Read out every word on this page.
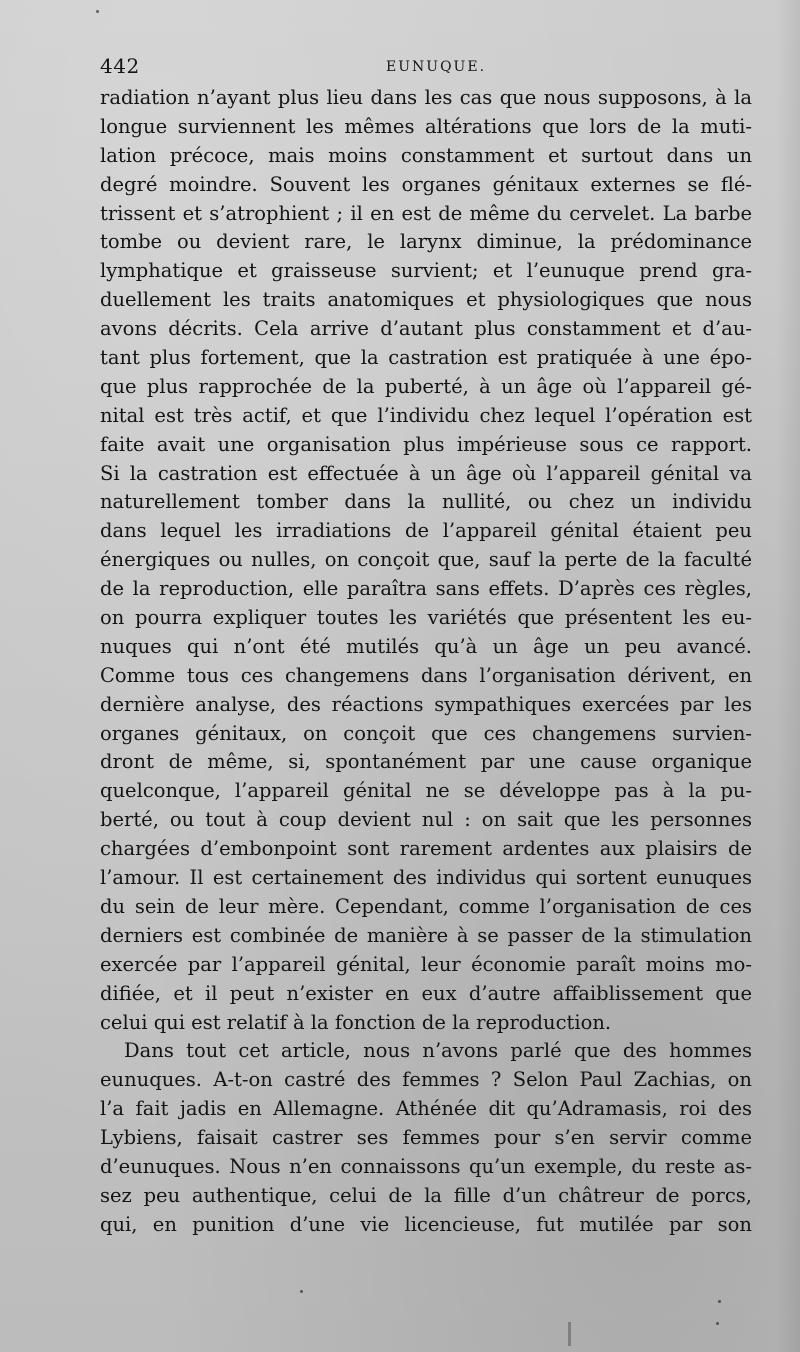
442	EUNUQUE.
radiation n’ayant plus lieu dans les cas que nous supposons, à la
longue surviennent les mêmes altérations que lors de la muti-
lation précoce, mais moins constamment et surtout dans un
degré moindre. Souvent les organes génitaux externes se flé-
trissent et s’atrophient ; il en est de même du cervelet. La barbe
tombe ou devient rare, le larynx diminue, la prédominance
lymphatique et graisseuse survient; et l’eunuque prend gra-
duellement les traits anatomiques et physiologiques que nous
avons décrits. Cela arrive d’autant plus constamment et d’au-
tant plus fortement, que la castration est pratiquée à une épo-
que plus rapprochée de la puberté, à un âge où l’appareil gé-
nital est très actif, et que l’individu chez lequel l’opération est
faite avait une organisation plus impérieuse sous ce rapport.
Si la castration est effectuée à un âge où l’appareil génital va
naturellement tomber dans la nullité, ou chez un individu
dans lequel les irradiations de l’appareil génital étaient peu
énergiques ou nulles, on conçoit que, sauf la perte de la faculté
de la reproduction, elle paraîtra sans effets. D’après ces règles,
on pourra expliquer toutes les variétés que présentent les eu-
nuques qui n’ont été mutilés qu’à un âge un peu avancé.
Comme tous ces changemens dans l’organisation dérivent, en
dernière analyse, des réactions sympathiques exercées par les
organes génitaux, on conçoit que ces changemens survien-
dront de même, si, spontanément par une cause organique
quelconque, l’appareil génital ne se développe pas à la pu-
berté, ou tout à coup devient nul : on sait que les personnes
chargées d’embonpoint sont rarement ardentes aux plaisirs de
l’amour. Il est certainement des individus qui sortent eunuques
du sein de leur mère. Cependant, comme l’organisation de ces
derniers est combinée de manière à se passer de la stimulation
exercée par l’appareil génital, leur économie paraît moins mo-
difiée, et il peut n’exister en eux d’autre affaiblissement que
celui qui est relatif à la fonction de la reproduction.
Dans tout cet article, nous n’avons parlé que des hommes
eunuques. A-t-on castré des femmes ? Selon Paul Zachias, on
l’a fait jadis en Allemagne. Athénée dit qu’Adramasis, roi des
Lybiens, faisait castrer ses femmes pour s’en servir comme
d’eunuques. Nous n’en connaissons qu’un exemple, du reste as-
sez peu authentique, celui de la fille d’un châtreur de porcs,
qui, en punition d’une vie licencieuse, fut mutilée par son
